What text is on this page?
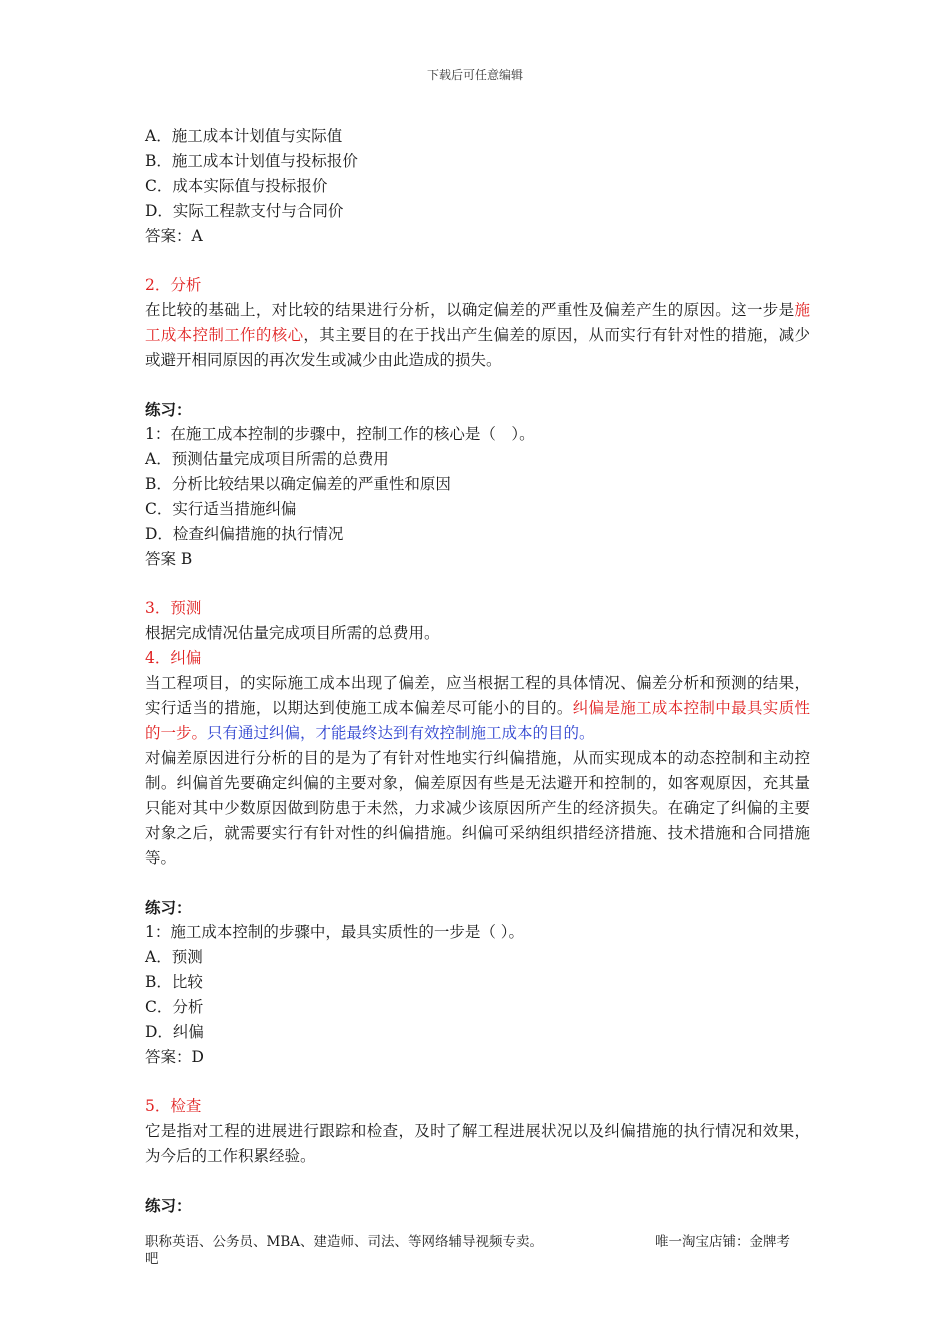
下载后可任意编辑

A．施工成本计划值与实际值

B．施工成本计划值与投标报价

C．成本实际值与投标报价

D．实际工程款支付与合同价

答案：A

2．分析

在比较的基础上，对比较的结果进行分析，以确定偏差的严重性及偏差产生的原因。这一步是施工成本控制工作的核心，其主要目的在于找出产生偏差的原因，从而实行有针对性的措施，减少或避开相同原因的再次发生或减少由此造成的损失。

练习：

1：在施工成本控制的步骤中，控制工作的核心是（　）。

A．预测估量完成项目所需的总费用

B．分析比较结果以确定偏差的严重性和原因

C．实行适当措施纠偏

D．检查纠偏措施的执行情况

答案 B

3．预测

根据完成情况估量完成项目所需的总费用。

4．纠偏

当工程项目，的实际施工成本出现了偏差，应当根据工程的具体情况、偏差分析和预测的结果，实行适当的措施，以期达到使施工成本偏差尽可能小的目的。纠偏是施工成本控制中最具实质性的一步。只有通过纠偏，才能最终达到有效控制施工成本的目的。

对偏差原因进行分析的目的是为了有针对性地实行纠偏措施，从而实现成本的动态控制和主动控制。纠偏首先要确定纠偏的主要对象，偏差原因有些是无法避开和控制的，如客观原因，充其量只能对其中少数原因做到防患于未然，力求减少该原因所产生的经济损失。在确定了纠偏的主要对象之后，就需要实行有针对性的纠偏措施。纠偏可采纳组织措经济措施、技术措施和合同措施等。

练习：

1：施工成本控制的步骤中，最具实质性的一步是（ ）。

A．预测

B．比较

C．分析

D．纠偏

答案：D

5．检查

它是指对工程的进展进行跟踪和检查，及时了解工程进展状况以及纠偏措施的执行情况和效果，为今后的工作积累经验。

练习：

职称英语、公务员、MBA、建造师、司法、等网络辅导视频专卖。	唯一淘宝店铺：金牌考
吧
